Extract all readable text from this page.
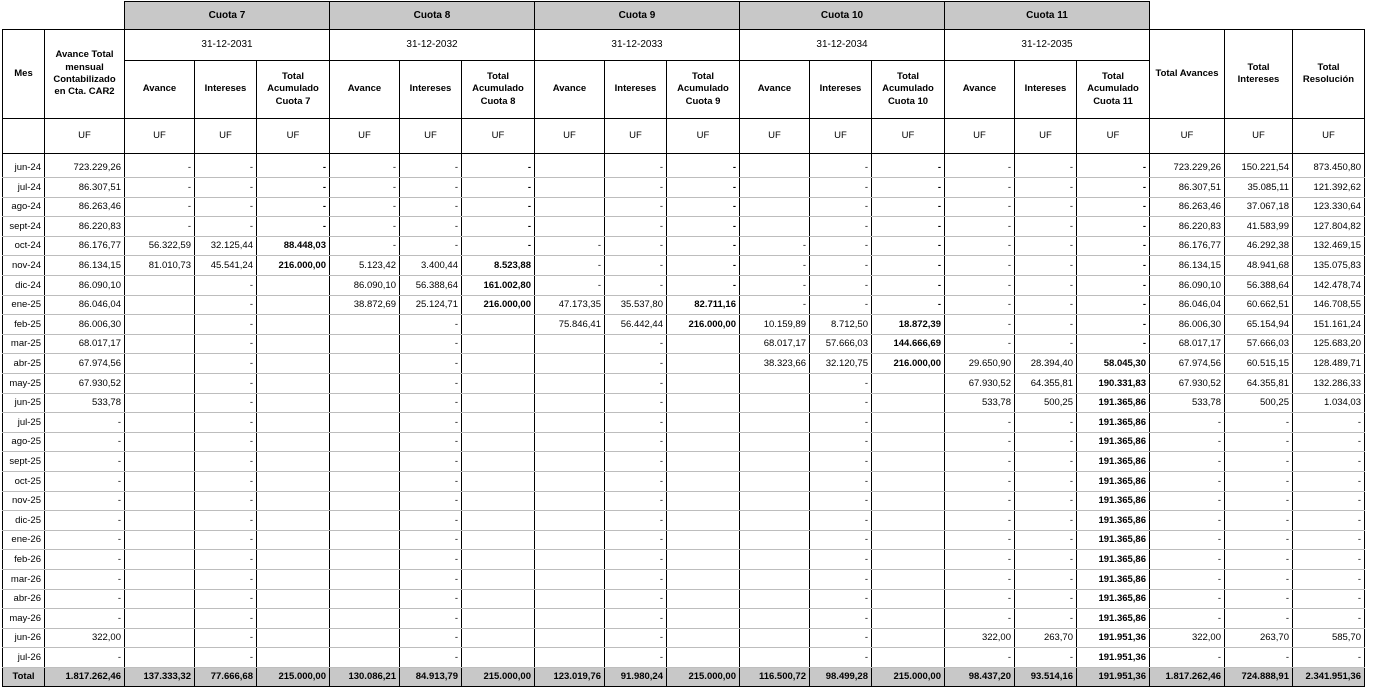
		Cuota 7			Cuota 8			Cuota 9			Cuota 10			Cuota 11					
Mes	Avance Total mensual Contabilizado en Cta. CAR2	31-12-2031			31-12-2032			31-12-2033			31-12-2034			31-12-2035			Total Avances	Total Intereses	Total Resolución
		Avance	Intereses	Total Acumulado Cuota 7	Avance	Intereses	Total Acumulado Cuota 8	Avance	Intereses	Total Acumulado Cuota 9	Avance	Intereses	Total Acumulado Cuota 10	Avance	Intereses	Total Acumulado Cuota 11			
	UF	UF	UF	UF	UF	UF	UF	UF	UF	UF	UF	UF	UF	UF	UF	UF	UF	UF	UF

jun-24	723.229,26	-	-	-	-	-	-		-	-		-	-	-	-	-	723.229,26	150.221,54	873.450,80
jul-24	86.307,51	-	-	-	-	-	-		-	-		-	-	-	-	-	86.307,51	35.085,11	121.392,62
ago-24	86.263,46	-	-	-	-	-	-		-	-		-	-	-	-	-	86.263,46	37.067,18	123.330,64
sept-24	86.220,83	-	-	-	-	-	-		-	-		-	-	-	-	-	86.220,83	41.583,99	127.804,82
oct-24	86.176,77	56.322,59	32.125,44	88.448,03	-	-	-	-	-	-	-	-	-	-	-	-	86.176,77	46.292,38	132.469,15
nov-24	86.134,15	81.010,73	45.541,24	216.000,00	5.123,42	3.400,44	8.523,88	-	-	-	-	-	-	-	-	-	86.134,15	48.941,68	135.075,83
dic-24	86.090,10		-		86.090,10	56.388,64	161.002,80	-	-	-	-	-	-	-	-	-	86.090,10	56.388,64	142.478,74
ene-25	86.046,04		-		38.872,69	25.124,71	216.000,00	47.173,35	35.537,80	82.711,16	-	-	-	-	-	-	86.046,04	60.662,51	146.708,55
feb-25	86.006,30		-			-		75.846,41	56.442,44	216.000,00	10.159,89	8.712,50	18.872,39	-	-	-	86.006,30	65.154,94	151.161,24
mar-25	68.017,17		-			-			-		68.017,17	57.666,03	144.666,69	-	-	-	68.017,17	57.666,03	125.683,20
abr-25	67.974,56		-			-			-		38.323,66	32.120,75	216.000,00	29.650,90	28.394,40	58.045,30	67.974,56	60.515,15	128.489,71
may-25	67.930,52		-			-			-			-		67.930,52	64.355,81	190.331,83	67.930,52	64.355,81	132.286,33
jun-25	533,78		-			-			-			-		533,78	500,25	191.365,86	533,78	500,25	1.034,03
jul-25	-		-			-			-			-		-	-	191.365,86	-	-	-
ago-25	-		-			-			-			-		-	-	191.365,86	-	-	-
sept-25	-		-			-			-			-		-	-	191.365,86	-	-	-
oct-25	-		-			-			-			-		-	-	191.365,86	-	-	-
nov-25	-		-			-			-			-		-	-	191.365,86	-	-	-
dic-25	-		-			-			-			-		-	-	191.365,86	-	-	-
ene-26	-		-			-			-			-		-	-	191.365,86	-	-	-
feb-26	-		-			-			-			-		-	-	191.365,86	-	-	-
mar-26	-		-			-			-			-		-	-	191.365,86	-	-	-
abr-26	-		-			-			-			-		-	-	191.365,86	-	-	-
may-26	-		-			-			-			-		-	-	191.365,86	-	-	-
jun-26	322,00		-			-			-			-		322,00	263,70	191.951,36	322,00	263,70	585,70
jul-26	-		-			-			-			-		-	-	191.951,36	-	-	-
Total	1.817.262,46	137.333,32	77.666,68	215.000,00	130.086,21	84.913,79	215.000,00	123.019,76	91.980,24	215.000,00	116.500,72	98.499,28	215.000,00	98.437,20	93.514,16	191.951,36	1.817.262,46	724.888,91	2.341.951,36
